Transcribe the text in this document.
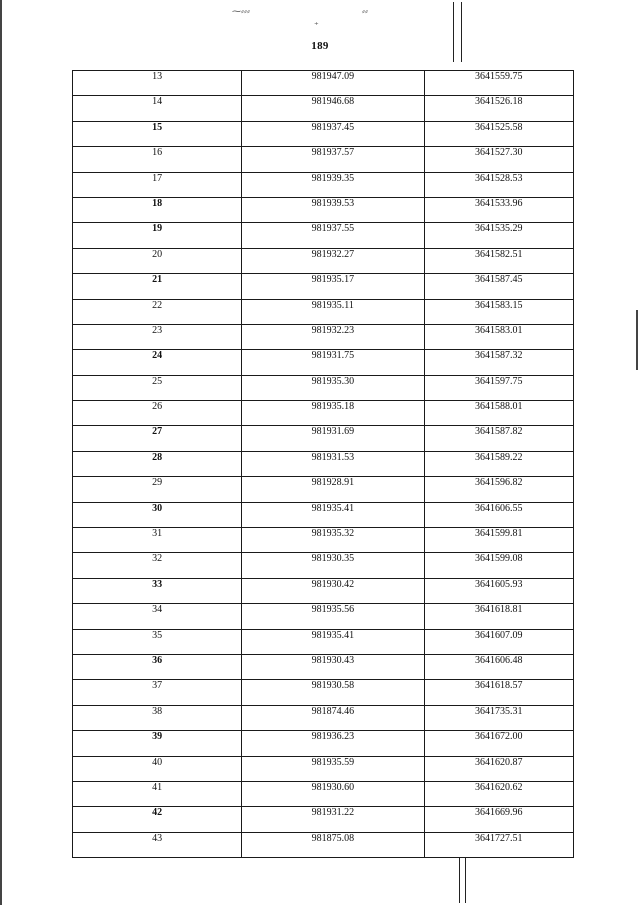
⁓⸗⸗⸗	⸗⸗
⁺
189
13	981947.09	3641559.75
14	981946.68	3641526.18
15	981937.45	3641525.58
16	981937.57	3641527.30
17	981939.35	3641528.53
18	981939.53	3641533.96
19	981937.55	3641535.29
20	981932.27	3641582.51
21	981935.17	3641587.45
22	981935.11	3641583.15
23	981932.23	3641583.01
24	981931.75	3641587.32
25	981935.30	3641597.75
26	981935.18	3641588.01
27	981931.69	3641587.82
28	981931.53	3641589.22
29	981928.91	3641596.82
30	981935.41	3641606.55
31	981935.32	3641599.81
32	981930.35	3641599.08
33	981930.42	3641605.93
34	981935.56	3641618.81
35	981935.41	3641607.09
36	981930.43	3641606.48
37	981930.58	3641618.57
38	981874.46	3641735.31
39	981936.23	3641672.00
40	981935.59	3641620.87
41	981930.60	3641620.62
42	981931.22	3641669.96
43	981875.08	3641727.51
